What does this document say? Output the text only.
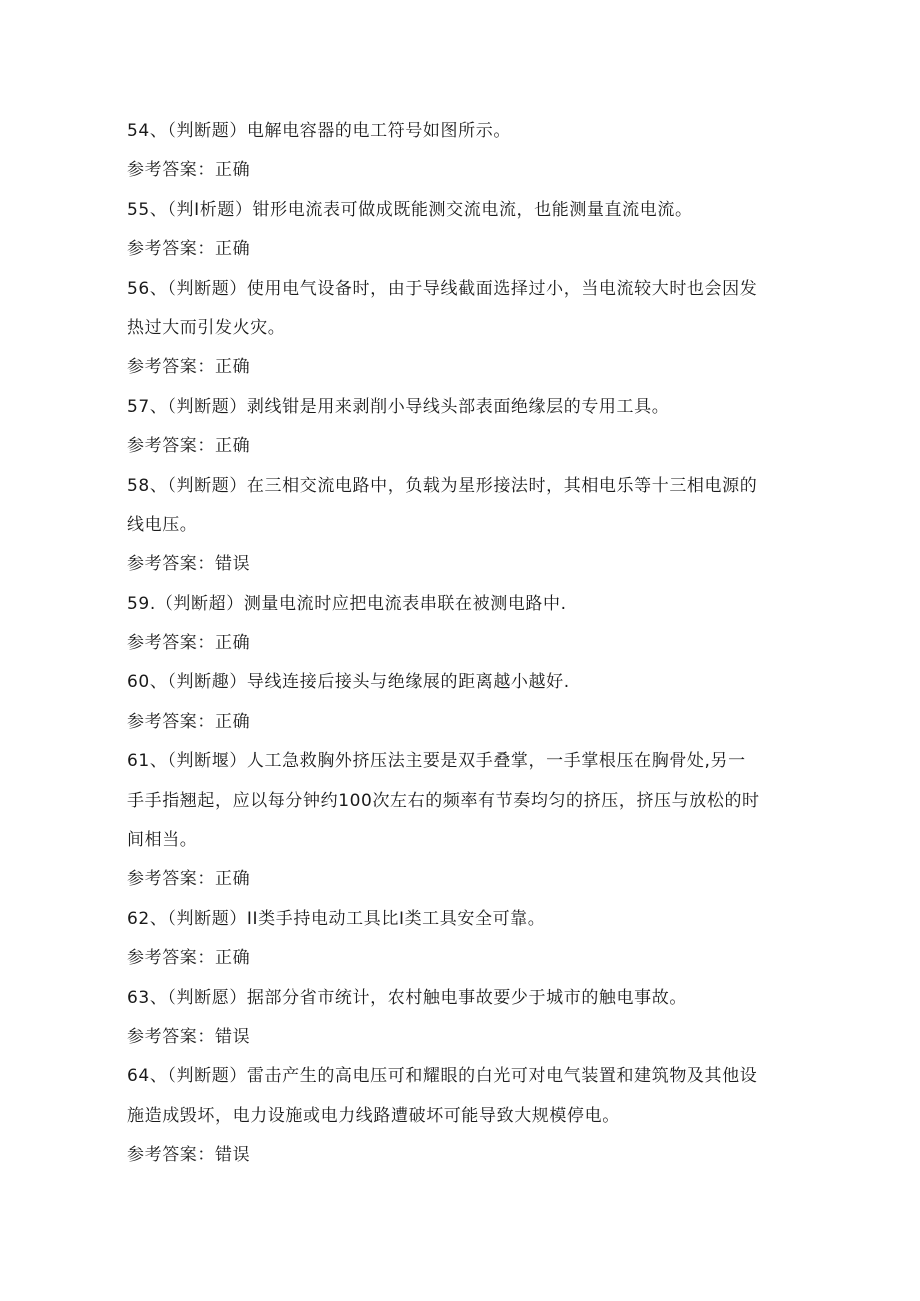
54、（判断题）电解电容器的电工符号如图所示。
参考答案：正确
55、（判Ι析题）钳形电流表可做成既能测交流电流，也能测量直流电流。
参考答案：正确
56、（判断题）使用电气设备时，由于导线截面选择过小，当电流较大时也会因发
热过大而引发火灾。
参考答案：正确
57、（判断题）剥线钳是用来剥削小导线头部表面绝缘层的专用工具。
参考答案：正确
58、（判断题）在三相交流电路中，负载为星形接法时，其相电乐等十三相电源的
线电压。
参考答案：错误
59.（判断超）测量电流时应把电流表串联在被测电路中.
参考答案：正确
60、（判断趣）导线连接后接头与绝缘展的距离越小越好.
参考答案：正确
61、（判断堰）人工急救胸外挤压法主要是双手叠掌，一手掌根压在胸骨处,另一
手手指翘起，应以每分钟约100次左右的频率有节奏均匀的挤压，挤压与放松的时
间相当。
参考答案：正确
62、（判断题）II类手持电动工具比I类工具安全可靠。
参考答案：正确
63、（判断愿）据部分省市统计，农村触电事故要少于城市的触电事故。
参考答案：错误
64、（判断题）雷击产生的高电压可和耀眼的白光可对电气装置和建筑物及其他设
施造成毁坏，电力设施或电力线路遭破坏可能导致大规模停电。
参考答案：错误
